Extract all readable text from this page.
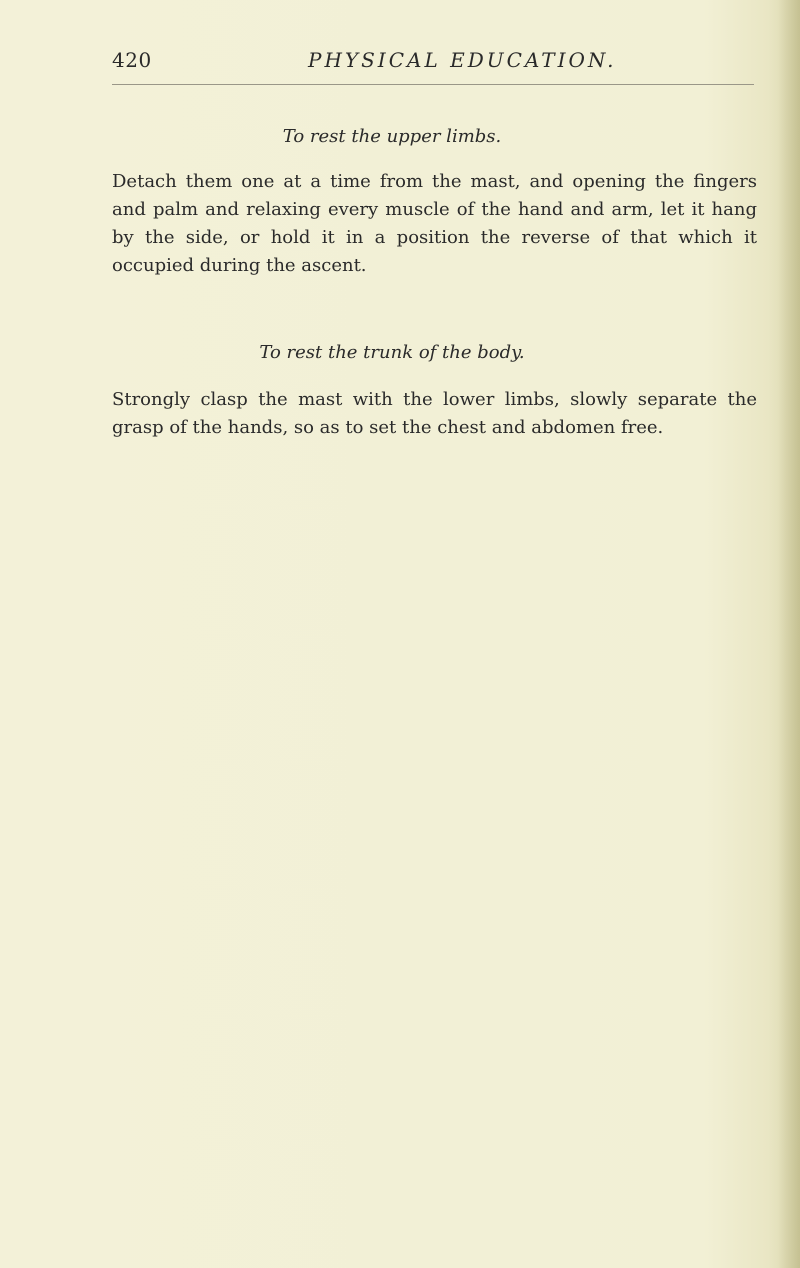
420	PHYSICAL EDUCATION.
To rest the upper limbs.
Detach them one at a time from the mast, and opening the fingers and palm and relaxing every muscle of the hand and arm, let it hang by the side, or hold it in a position the reverse of that which it occupied during the ascent.
To rest the trunk of the body.
Strongly clasp the mast with the lower limbs, slowly separate the grasp of the hands, so as to set the chest and abdomen free.
